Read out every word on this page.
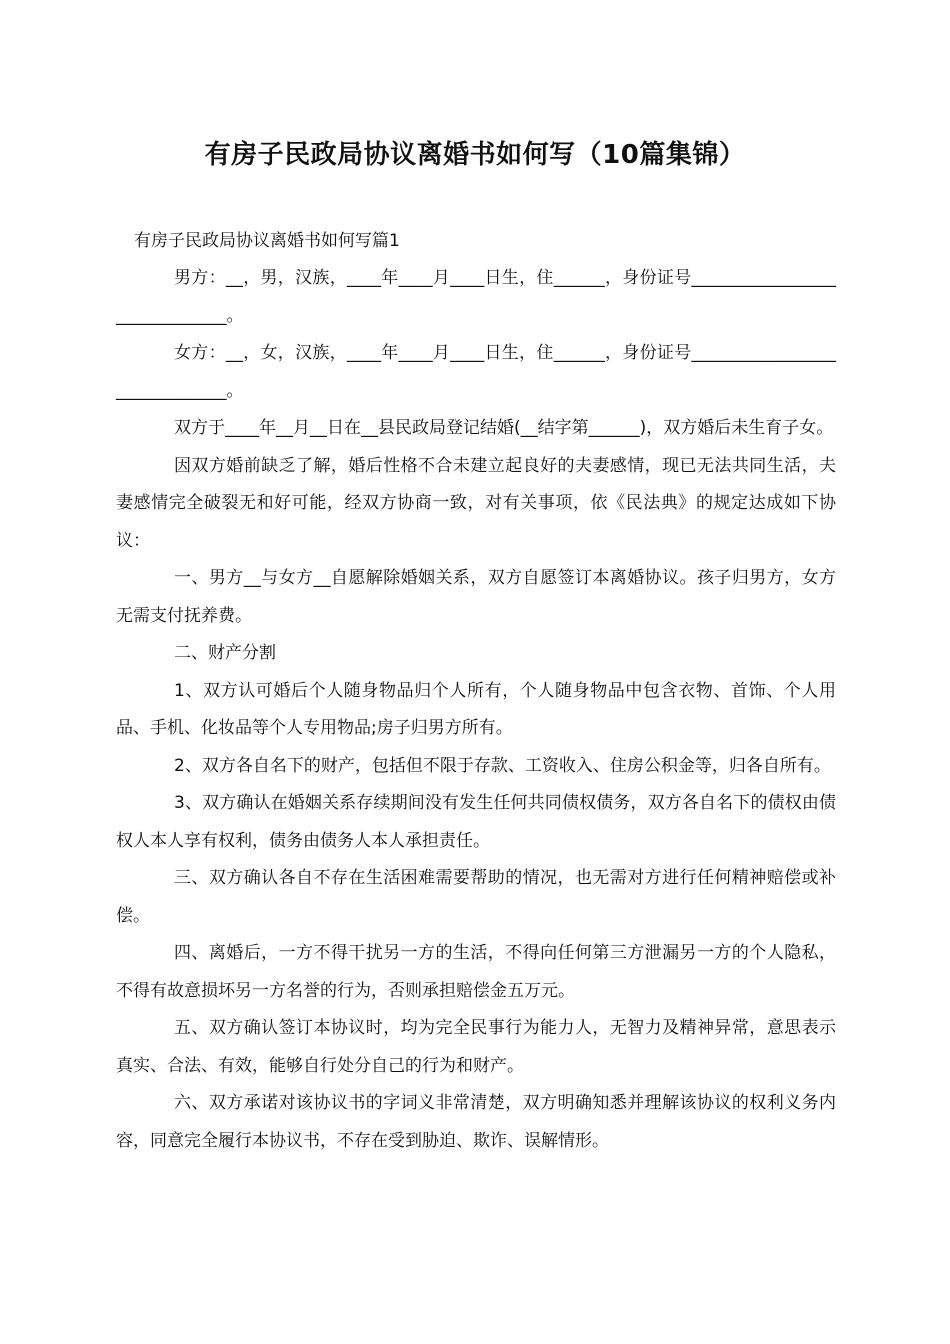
有房子民政局协议离婚书如何写（10篇集锦）
有房子民政局协议离婚书如何写篇1

男方：__，男，汉族，____年____月____日生，住______，身份证号______________________________。

女方：__，女，汉族，____年____月____日生，住______，身份证号______________________________。

双方于____年__月__日在__县民政局登记结婚(__结字第______)，双方婚后未生育子女。

因双方婚前缺乏了解，婚后性格不合未建立起良好的夫妻感情，现已无法共同生活，夫妻感情完全破裂无和好可能，经双方协商一致，对有关事项，依《民法典》的规定达成如下协议：

一、男方__与女方__自愿解除婚姻关系，双方自愿签订本离婚协议。孩子归男方，女方无需支付抚养费。

二、财产分割

1、双方认可婚后个人随身物品归个人所有，个人随身物品中包含衣物、首饰、个人用品、手机、化妆品等个人专用物品;房子归男方所有。

2、双方各自名下的财产，包括但不限于存款、工资收入、住房公积金等，归各自所有。

3、双方确认在婚姻关系存续期间没有发生任何共同债权债务，双方各自名下的债权由债权人本人享有权利，债务由债务人本人承担责任。

三、双方确认各自不存在生活困难需要帮助的情况，也无需对方进行任何精神赔偿或补偿。

四、离婚后，一方不得干扰另一方的生活，不得向任何第三方泄漏另一方的个人隐私，不得有故意损坏另一方名誉的行为，否则承担赔偿金五万元。

五、双方确认签订本协议时，均为完全民事行为能力人，无智力及精神异常，意思表示真实、合法、有效，能够自行处分自己的行为和财产。

六、双方承诺对该协议书的字词义非常清楚，双方明确知悉并理解该协议的权利义务内容，同意完全履行本协议书，不存在受到胁迫、欺诈、误解情形。
